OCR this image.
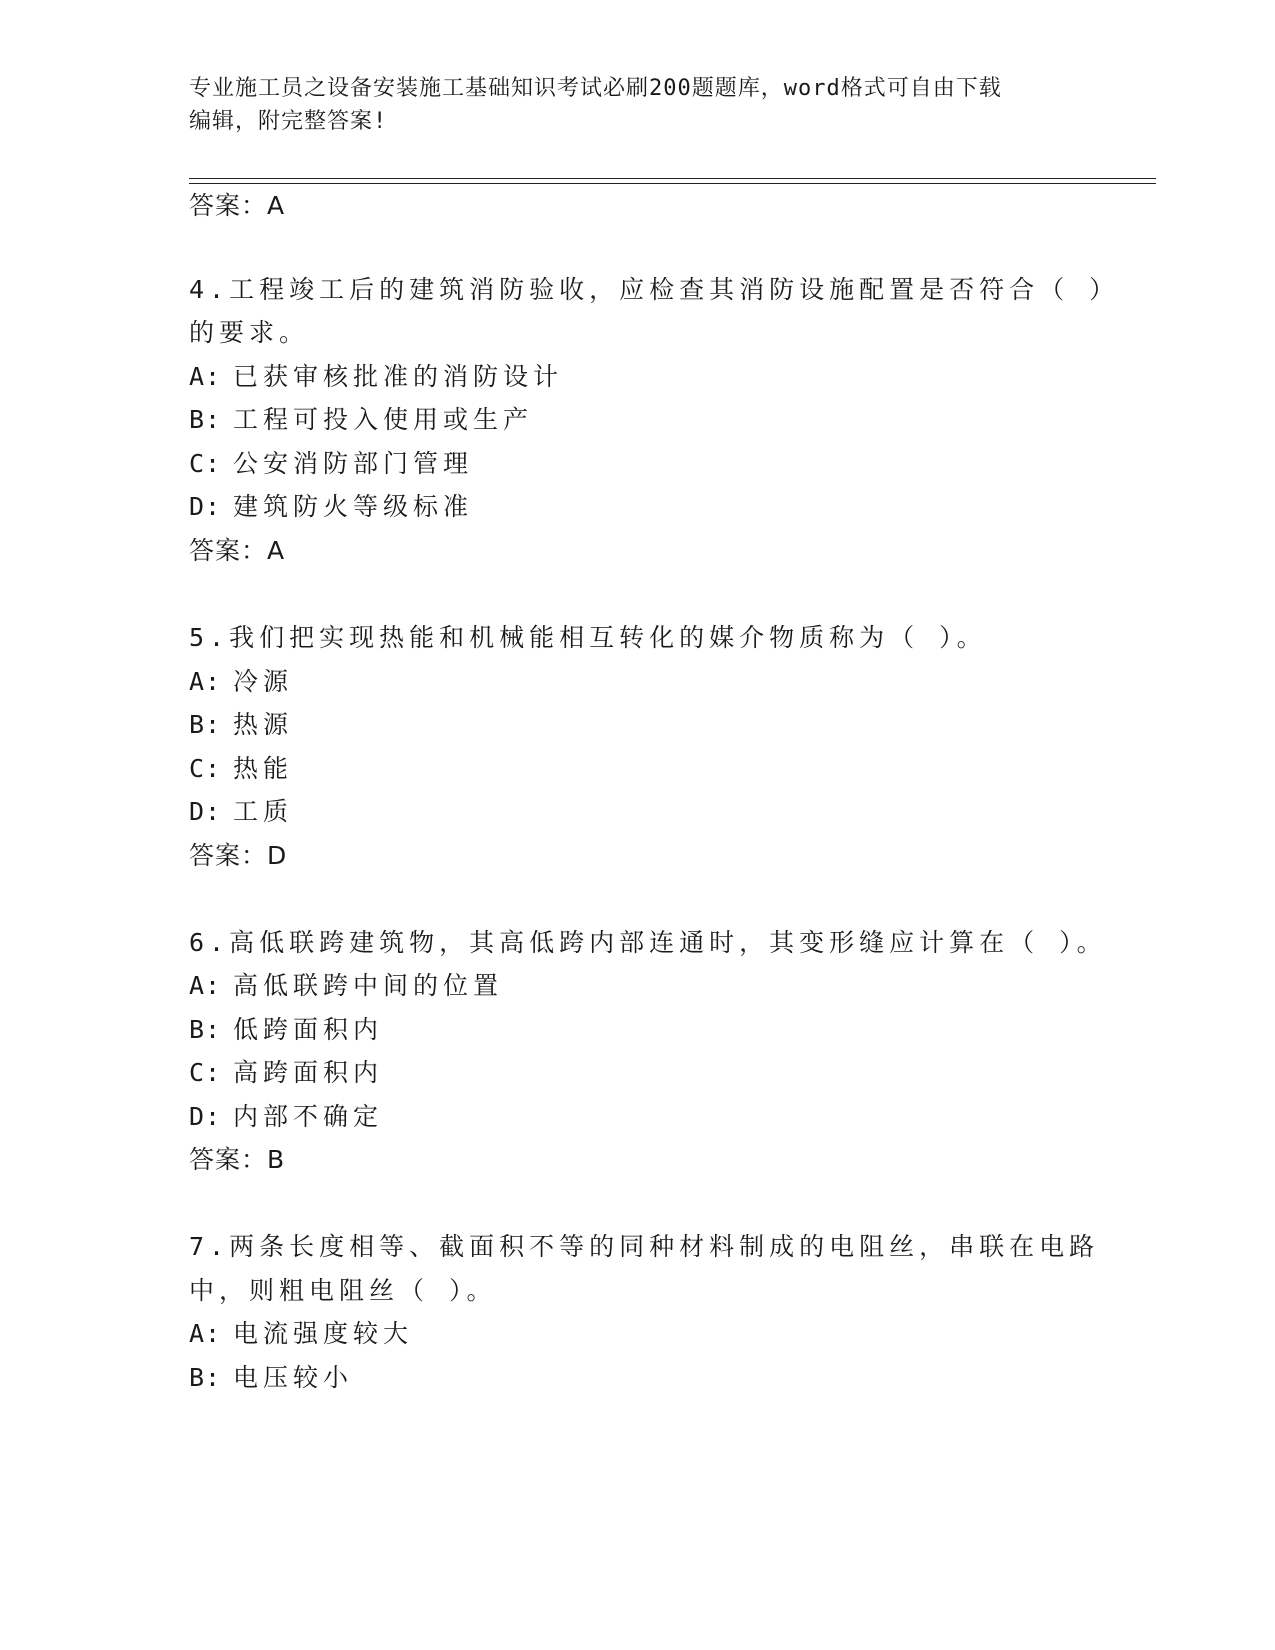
专业施工员之设备安装施工基础知识考试必刷200题题库，word格式可自由下载
编辑，附完整答案!
答案：A
4.工程竣工后的建筑消防验收，应检查其消防设施配置是否符合（ ）
的要求。
A: 已获审核批准的消防设计
B: 工程可投入使用或生产
C: 公安消防部门管理
D: 建筑防火等级标准
答案：A
5.我们把实现热能和机械能相互转化的媒介物质称为（ ）。
A: 冷源
B: 热源
C: 热能
D: 工质
答案：D
6.高低联跨建筑物，其高低跨内部连通时，其变形缝应计算在（ ）。
A: 高低联跨中间的位置
B: 低跨面积内
C: 高跨面积内
D: 内部不确定
答案：B
7.两条长度相等、截面积不等的同种材料制成的电阻丝，串联在电路
中，则粗电阻丝（ ）。
A: 电流强度较大
B: 电压较小
